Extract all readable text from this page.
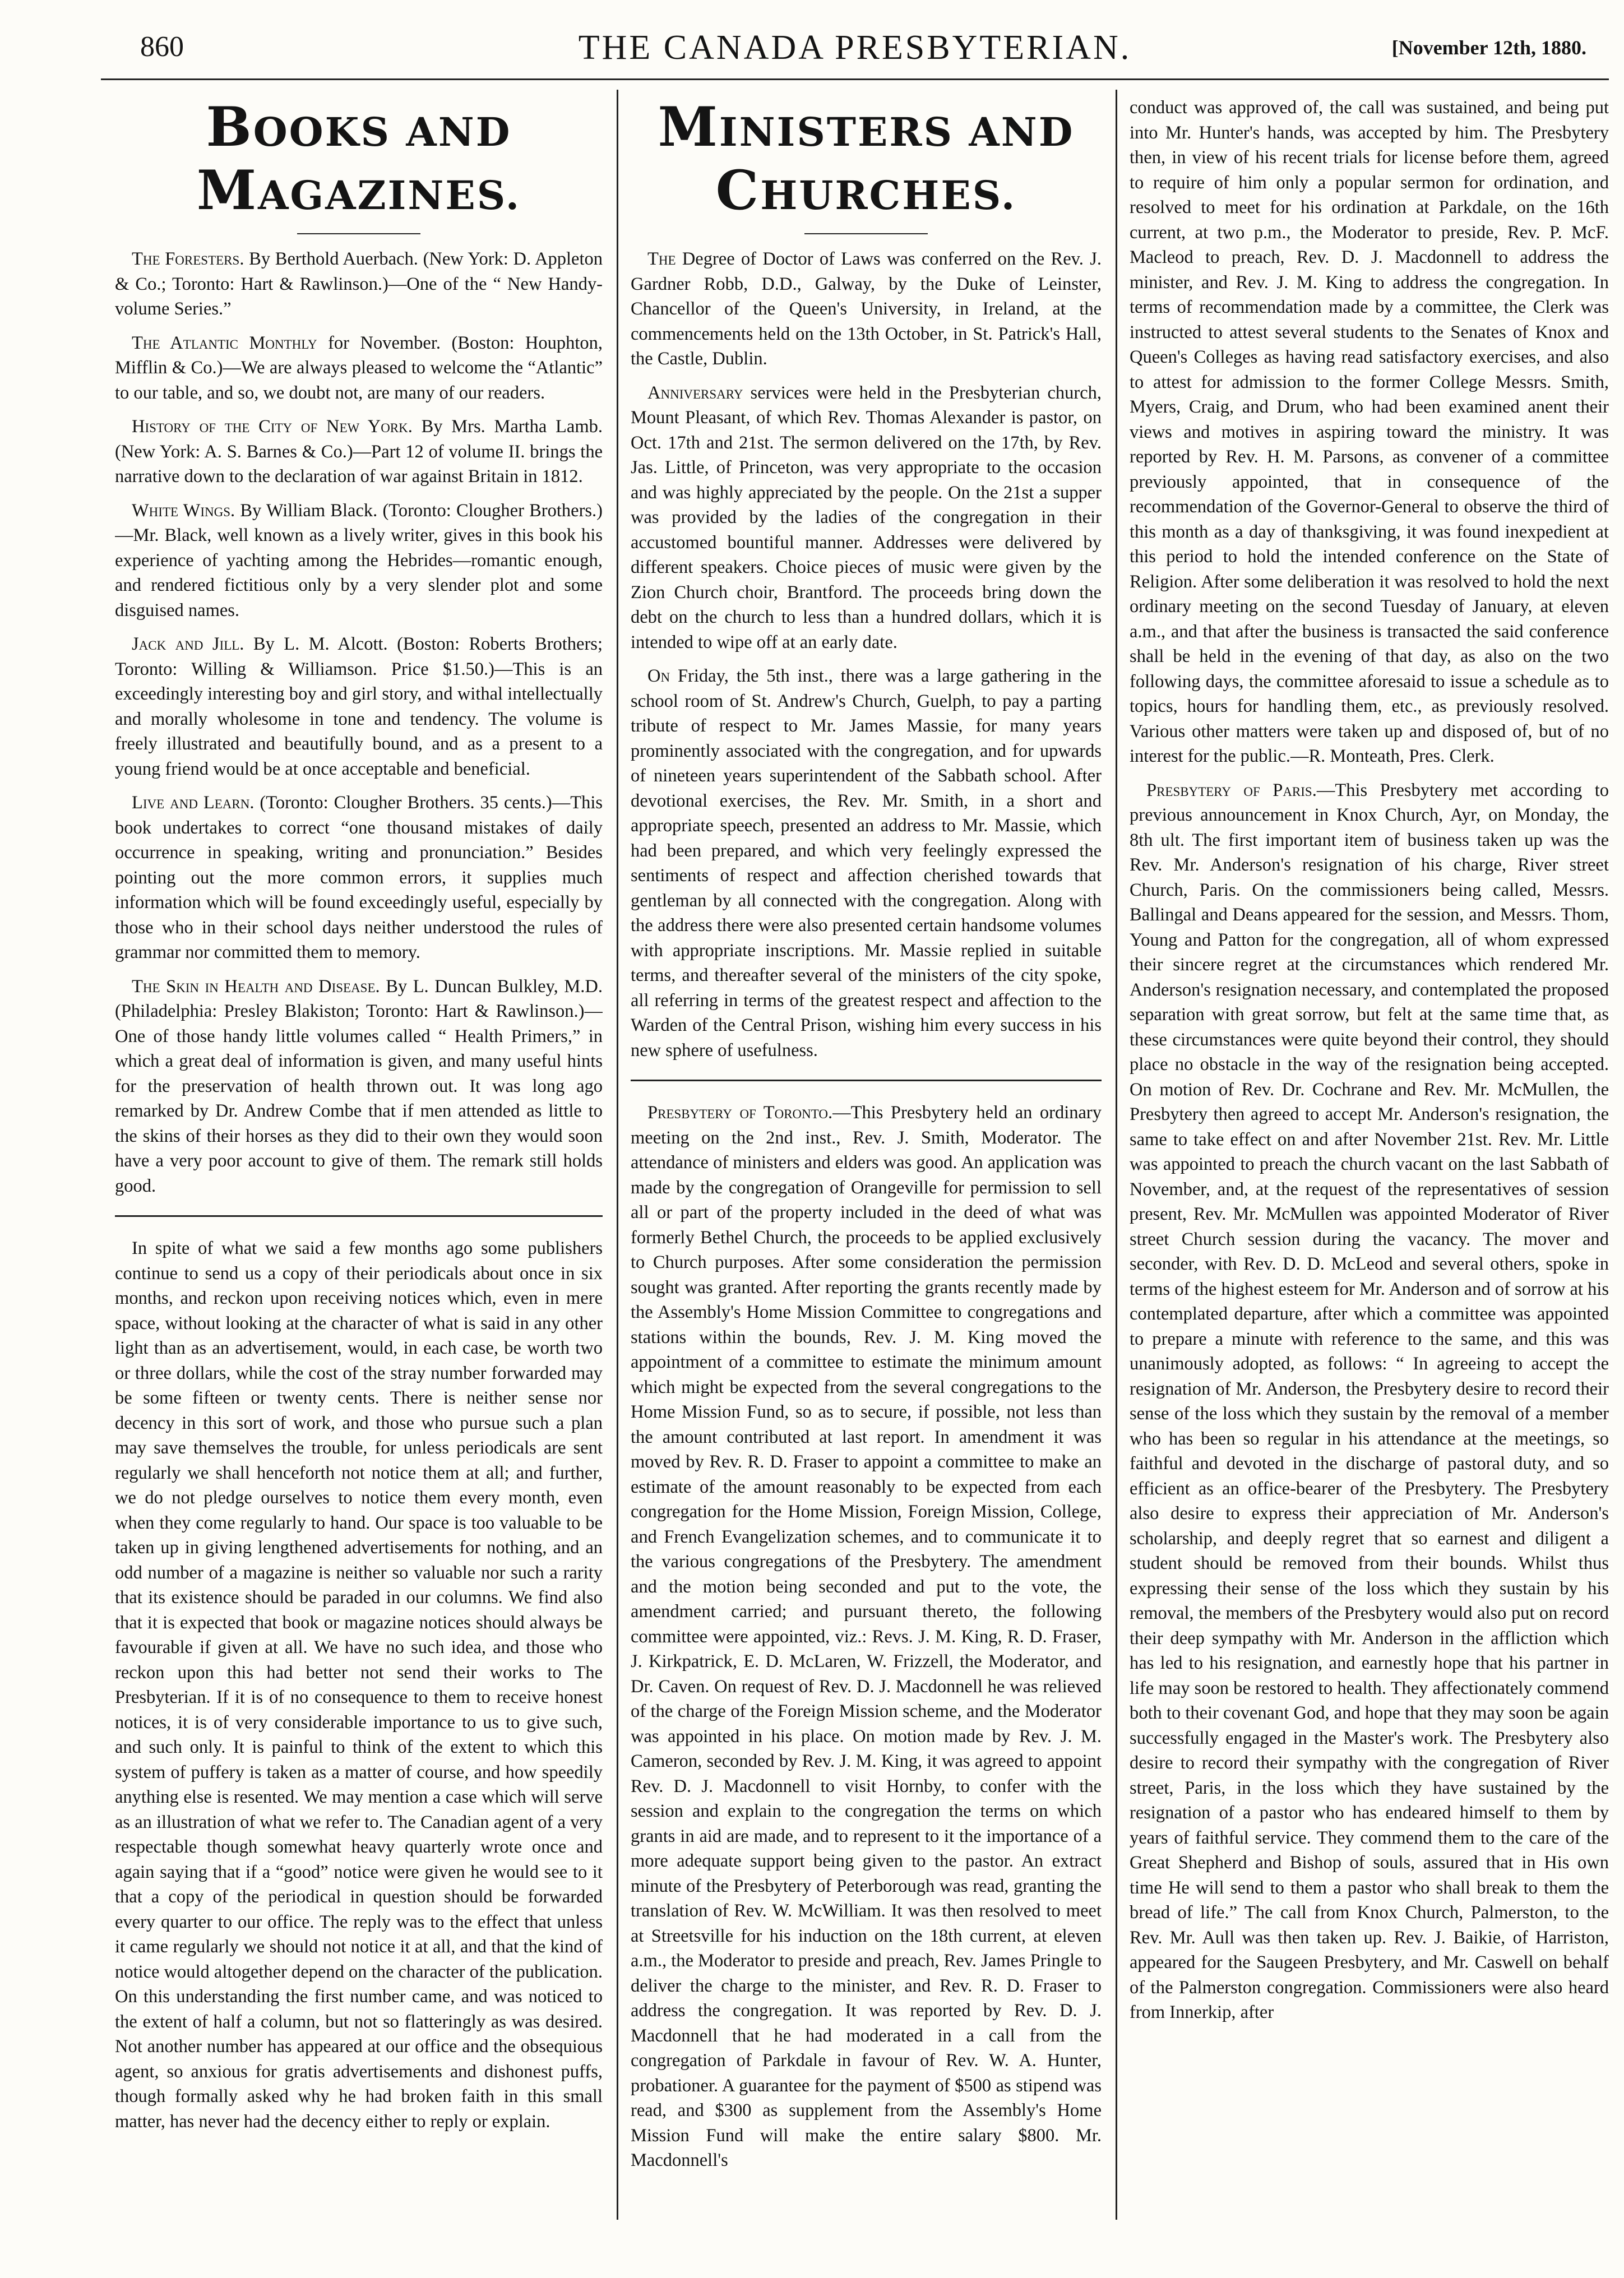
860	THE CANADA PRESBYTERIAN.	[November 12th, 1880.
BOOKS AND MAGAZINES.

The Foresters. By Berthold Auerbach. (New York: D. Appleton & Co.; Toronto: Hart & Rawlinson.)—One of the “ New Handy-volume Series.”

The Atlantic Monthly for November. (Boston: Houphton, Mifflin & Co.)—We are always pleased to welcome the “Atlantic” to our table, and so, we doubt not, are many of our readers.

History of the City of New York. By Mrs. Martha Lamb. (New York: A. S. Barnes & Co.)—Part 12 of volume II. brings the narrative down to the declaration of war against Britain in 1812.

White Wings. By William Black. (Toronto: Clougher Brothers.)—Mr. Black, well known as a lively writer, gives in this book his experience of yachting among the Hebrides—romantic enough, and rendered fictitious only by a very slender plot and some disguised names.

Jack and Jill. By L. M. Alcott. (Boston: Roberts Brothers; Toronto: Willing & Williamson. Price $1.50.)—This is an exceedingly interesting boy and girl story, and withal intellectually and morally wholesome in tone and tendency. The volume is freely illustrated and beautifully bound, and as a present to a young friend would be at once acceptable and beneficial.

Live and Learn. (Toronto: Clougher Brothers. 35 cents.)—This book undertakes to correct “one thousand mistakes of daily occurrence in speaking, writing and pronunciation.” Besides pointing out the more common errors, it supplies much information which will be found exceedingly useful, especially by those who in their school days neither understood the rules of grammar nor committed them to memory.

The Skin in Health and Disease. By L. Duncan Bulkley, M.D. (Philadelphia: Presley Blakiston; Toronto: Hart & Rawlinson.)—One of those handy little volumes called “ Health Primers,” in which a great deal of information is given, and many useful hints for the preservation of health thrown out. It was long ago remarked by Dr. Andrew Combe that if men attended as little to the skins of their horses as they did to their own they would soon have a very poor account to give of them. The remark still holds good.

In spite of what we said a few months ago some publishers continue to send us a copy of their periodicals about once in six months, and reckon upon receiving notices which, even in mere space, without looking at the character of what is said in any other light than as an advertisement, would, in each case, be worth two or three dollars, while the cost of the stray number forwarded may be some fifteen or twenty cents. There is neither sense nor decency in this sort of work, and those who pursue such a plan may save themselves the trouble, for unless periodicals are sent regularly we shall henceforth not notice them at all; and further, we do not pledge ourselves to notice them every month, even when they come regularly to hand. Our space is too valuable to be taken up in giving lengthened advertisements for nothing, and an odd number of a magazine is neither so valuable nor such a rarity that its existence should be paraded in our columns. We find also that it is expected that book or magazine notices should always be favourable if given at all. We have no such idea, and those who reckon upon this had better not send their works to The Presbyterian. If it is of no consequence to them to receive honest notices, it is of very considerable importance to us to give such, and such only. It is painful to think of the extent to which this system of puffery is taken as a matter of course, and how speedily anything else is resented. We may mention a case which will serve as an illustration of what we refer to. The Canadian agent of a very respectable though somewhat heavy quarterly wrote once and again saying that if a “good” notice were given he would see to it that a copy of the periodical in question should be forwarded every quarter to our office. The reply was to the effect that unless it came regularly we should not notice it at all, and that the kind of notice would altogether depend on the character of the publication. On this understanding the first number came, and was noticed to the extent of half a column, but not so flatteringly as was desired. Not another number has appeared at our office and the obsequious agent, so anxious for gratis advertisements and dishonest puffs, though formally asked why he had broken faith in this small matter, has never had the decency either to reply or explain.

MINISTERS AND CHURCHES.

The Degree of Doctor of Laws was conferred on the Rev. J. Gardner Robb, D.D., Galway, by the Duke of Leinster, Chancellor of the Queen's University, in Ireland, at the commencements held on the 13th October, in St. Patrick's Hall, the Castle, Dublin.

Anniversary services were held in the Presbyterian church, Mount Pleasant, of which Rev. Thomas Alexander is pastor, on Oct. 17th and 21st. The sermon delivered on the 17th, by Rev. Jas. Little, of Princeton, was very appropriate to the occasion and was highly appreciated by the people. On the 21st a supper was provided by the ladies of the congregation in their accustomed bountiful manner. Addresses were delivered by different speakers. Choice pieces of music were given by the Zion Church choir, Brantford. The proceeds bring down the debt on the church to less than a hundred dollars, which it is intended to wipe off at an early date.

On Friday, the 5th inst., there was a large gathering in the school room of St. Andrew's Church, Guelph, to pay a parting tribute of respect to Mr. James Massie, for many years prominently associated with the congregation, and for upwards of nineteen years superintendent of the Sabbath school. After devotional exercises, the Rev. Mr. Smith, in a short and appropriate speech, presented an address to Mr. Massie, which had been prepared, and which very feelingly expressed the sentiments of respect and affection cherished towards that gentleman by all connected with the congregation. Along with the address there were also presented certain handsome volumes with appropriate inscriptions. Mr. Massie replied in suitable terms, and thereafter several of the ministers of the city spoke, all referring in terms of the greatest respect and affection to the Warden of the Central Prison, wishing him every success in his new sphere of usefulness.

Presbytery of Toronto.—This Presbytery held an ordinary meeting on the 2nd inst., Rev. J. Smith, Moderator. The attendance of ministers and elders was good. An application was made by the congregation of Orangeville for permission to sell all or part of the property included in the deed of what was formerly Bethel Church, the proceeds to be applied exclusively to Church purposes. After some consideration the permission sought was granted. After reporting the grants recently made by the Assembly's Home Mission Committee to congregations and stations within the bounds, Rev. J. M. King moved the appointment of a committee to estimate the minimum amount which might be expected from the several congregations to the Home Mission Fund, so as to secure, if possible, not less than the amount contributed at last report. In amendment it was moved by Rev. R. D. Fraser to appoint a committee to make an estimate of the amount reasonably to be expected from each congregation for the Home Mission, Foreign Mission, College, and French Evangelization schemes, and to communicate it to the various congregations of the Presbytery. The amendment and the motion being seconded and put to the vote, the amendment carried; and pursuant thereto, the following committee were appointed, viz.: Revs. J. M. King, R. D. Fraser, J. Kirkpatrick, E. D. McLaren, W. Frizzell, the Moderator, and Dr. Caven. On request of Rev. D. J. Macdonnell he was relieved of the charge of the Foreign Mission scheme, and the Moderator was appointed in his place. On motion made by Rev. J. M. Cameron, seconded by Rev. J. M. King, it was agreed to appoint Rev. D. J. Macdonnell to visit Hornby, to confer with the session and explain to the congregation the terms on which grants in aid are made, and to represent to it the importance of a more adequate support being given to the pastor. An extract minute of the Presbytery of Peterborough was read, granting the translation of Rev. W. McWilliam. It was then resolved to meet at Streetsville for his induction on the 18th current, at eleven a.m., the Moderator to preside and preach, Rev. James Pringle to deliver the charge to the minister, and Rev. R. D. Fraser to address the congregation. It was reported by Rev. D. J. Macdonnell that he had moderated in a call from the congregation of Parkdale in favour of Rev. W. A. Hunter, probationer. A guarantee for the payment of $500 as stipend was read, and $300 as supplement from the Assembly's Home Mission Fund will make the entire salary $800. Mr. Macdonnell's

conduct was approved of, the call was sustained, and being put into Mr. Hunter's hands, was accepted by him. The Presbytery then, in view of his recent trials for license before them, agreed to require of him only a popular sermon for ordination, and resolved to meet for his ordination at Parkdale, on the 16th current, at two p.m., the Moderator to preside, Rev. P. McF. Macleod to preach, Rev. D. J. Macdonnell to address the minister, and Rev. J. M. King to address the congregation. In terms of recommendation made by a committee, the Clerk was instructed to attest several students to the Senates of Knox and Queen's Colleges as having read satisfactory exercises, and also to attest for admission to the former College Messrs. Smith, Myers, Craig, and Drum, who had been examined anent their views and motives in aspiring toward the ministry. It was reported by Rev. H. M. Parsons, as convener of a committee previously appointed, that in consequence of the recommendation of the Governor-General to observe the third of this month as a day of thanksgiving, it was found inexpedient at this period to hold the intended conference on the State of Religion. After some deliberation it was resolved to hold the next ordinary meeting on the second Tuesday of January, at eleven a.m., and that after the business is transacted the said conference shall be held in the evening of that day, as also on the two following days, the committee aforesaid to issue a schedule as to topics, hours for handling them, etc., as previously resolved. Various other matters were taken up and disposed of, but of no interest for the public.—R. Monteath, Pres. Clerk.

Presbytery of Paris.—This Presbytery met according to previous announcement in Knox Church, Ayr, on Monday, the 8th ult. The first important item of business taken up was the Rev. Mr. Anderson's resignation of his charge, River street Church, Paris. On the commissioners being called, Messrs. Ballingal and Deans appeared for the session, and Messrs. Thom, Young and Patton for the congregation, all of whom expressed their sincere regret at the circumstances which rendered Mr. Anderson's resignation necessary, and contemplated the proposed separation with great sorrow, but felt at the same time that, as these circumstances were quite beyond their control, they should place no obstacle in the way of the resignation being accepted. On motion of Rev. Dr. Cochrane and Rev. Mr. McMullen, the Presbytery then agreed to accept Mr. Anderson's resignation, the same to take effect on and after November 21st. Rev. Mr. Little was appointed to preach the church vacant on the last Sabbath of November, and, at the request of the representatives of session present, Rev. Mr. McMullen was appointed Moderator of River street Church session during the vacancy. The mover and seconder, with Rev. D. D. McLeod and several others, spoke in terms of the highest esteem for Mr. Anderson and of sorrow at his contemplated departure, after which a committee was appointed to prepare a minute with reference to the same, and this was unanimously adopted, as follows: “ In agreeing to accept the resignation of Mr. Anderson, the Presbytery desire to record their sense of the loss which they sustain by the removal of a member who has been so regular in his attendance at the meetings, so faithful and devoted in the discharge of pastoral duty, and so efficient as an office-bearer of the Presbytery. The Presbytery also desire to express their appreciation of Mr. Anderson's scholarship, and deeply regret that so earnest and diligent a student should be removed from their bounds. Whilst thus expressing their sense of the loss which they sustain by his removal, the members of the Presbytery would also put on record their deep sympathy with Mr. Anderson in the affliction which has led to his resignation, and earnestly hope that his partner in life may soon be restored to health. They affectionately commend both to their covenant God, and hope that they may soon be again successfully engaged in the Master's work. The Presbytery also desire to record their sympathy with the congregation of River street, Paris, in the loss which they have sustained by the resignation of a pastor who has endeared himself to them by years of faithful service. They commend them to the care of the Great Shepherd and Bishop of souls, assured that in His own time He will send to them a pastor who shall break to them the bread of life.” The call from Knox Church, Palmerston, to the Rev. Mr. Aull was then taken up. Rev. J. Baikie, of Harriston, appeared for the Saugeen Presbytery, and Mr. Caswell on behalf of the Palmerston congregation. Commissioners were also heard from Innerkip, after
